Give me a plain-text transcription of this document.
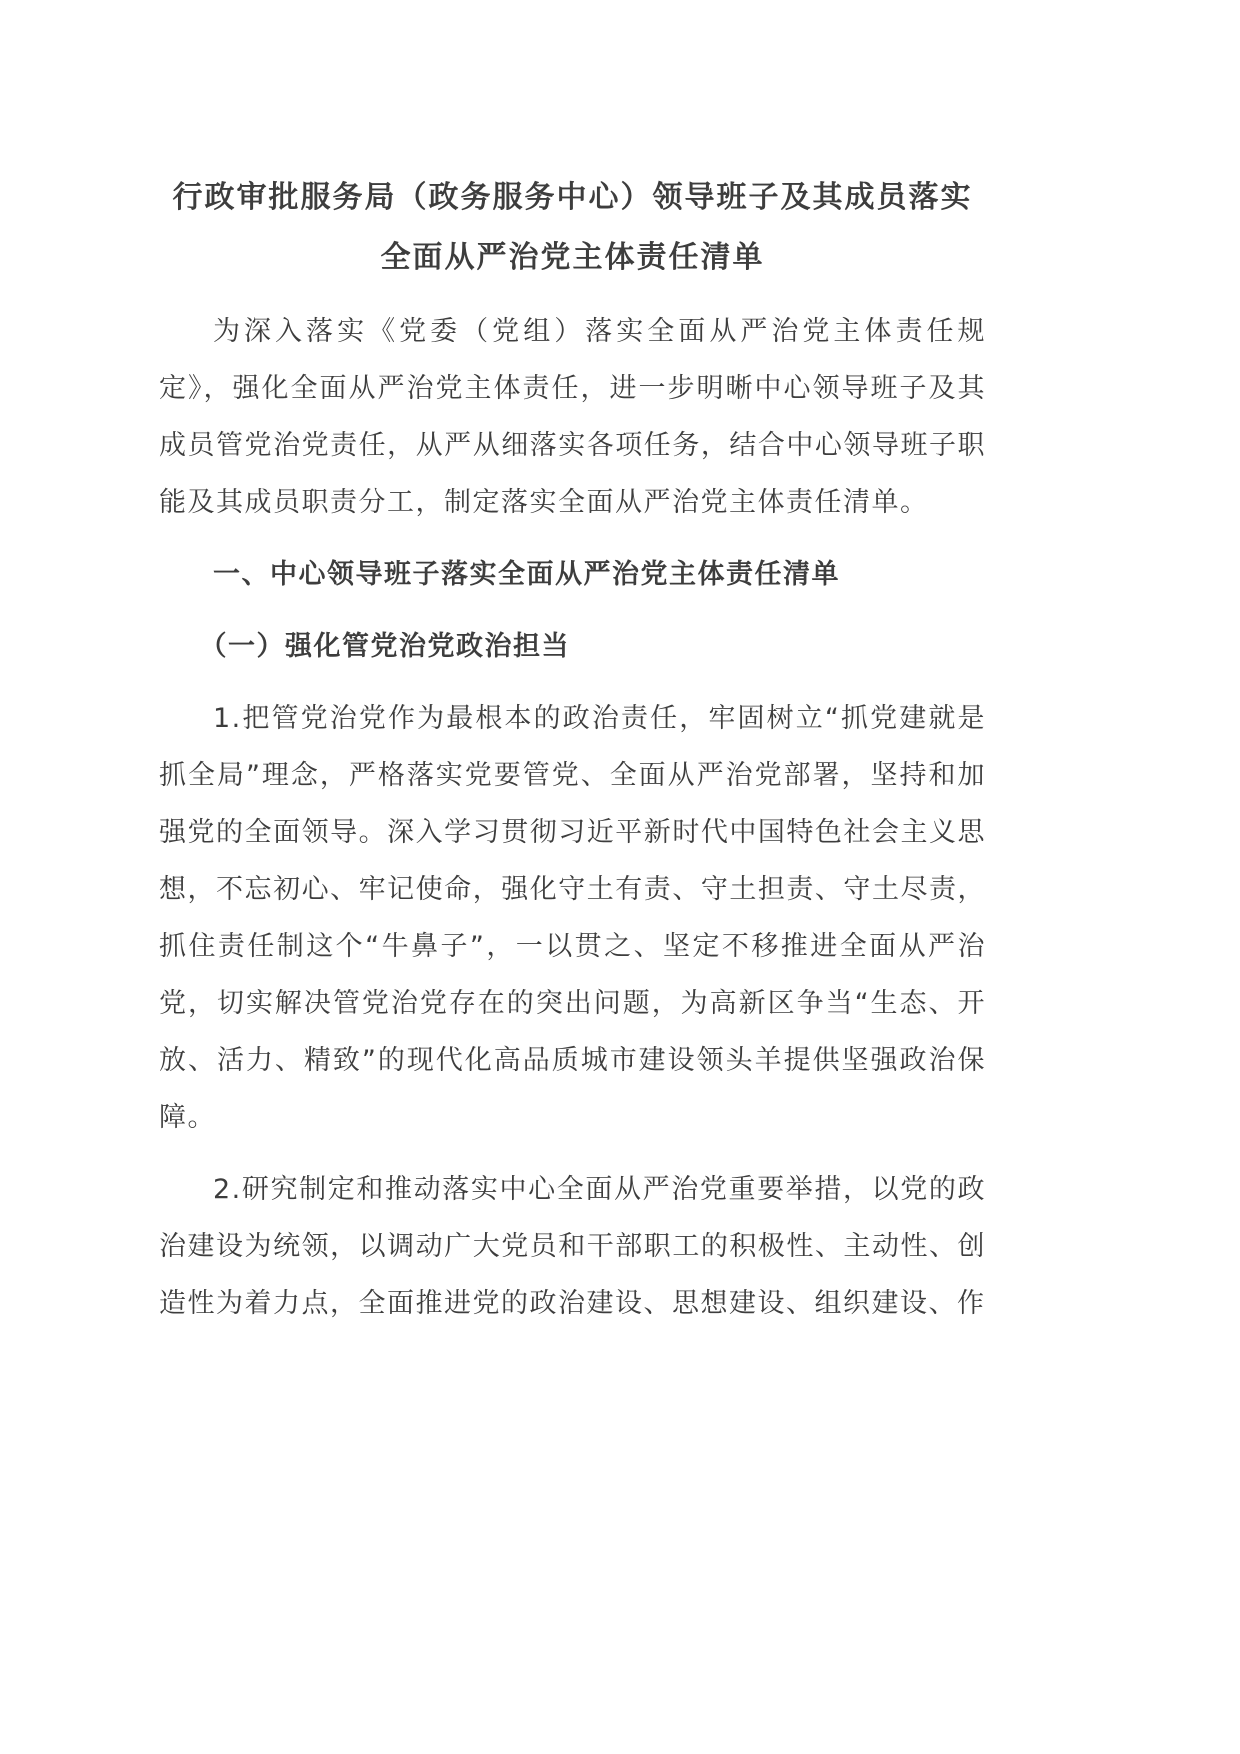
行政审批服务局（政务服务中心）领导班子及其成员落实全面从严治党主体责任清单

为深入落实《党委（党组）落实全面从严治党主体责任规定》，强化全面从严治党主体责任，进一步明晰中心领导班子及其成员管党治党责任，从严从细落实各项任务，结合中心领导班子职能及其成员职责分工，制定落实全面从严治党主体责任清单。

一、中心领导班子落实全面从严治党主体责任清单
（一）强化管党治党政治担当

1.把管党治党作为最根本的政治责任，牢固树立“抓党建就是抓全局”理念，严格落实党要管党、全面从严治党部署，坚持和加强党的全面领导。深入学习贯彻习近平新时代中国特色社会主义思想，不忘初心、牢记使命，强化守土有责、守土担责、守土尽责，抓住责任制这个“牛鼻子”，一以贯之、坚定不移推进全面从严治党，切实解决管党治党存在的突出问题，为高新区争当“生态、开放、活力、精致”的现代化高品质城市建设领头羊提供坚强政治保障。

2.研究制定和推动落实中心全面从严治党重要举措，以党的政治建设为统领，以调动广大党员和干部职工的积极性、主动性、创造性为着力点，全面推进党的政治建设、思想建设、组织建设、作
